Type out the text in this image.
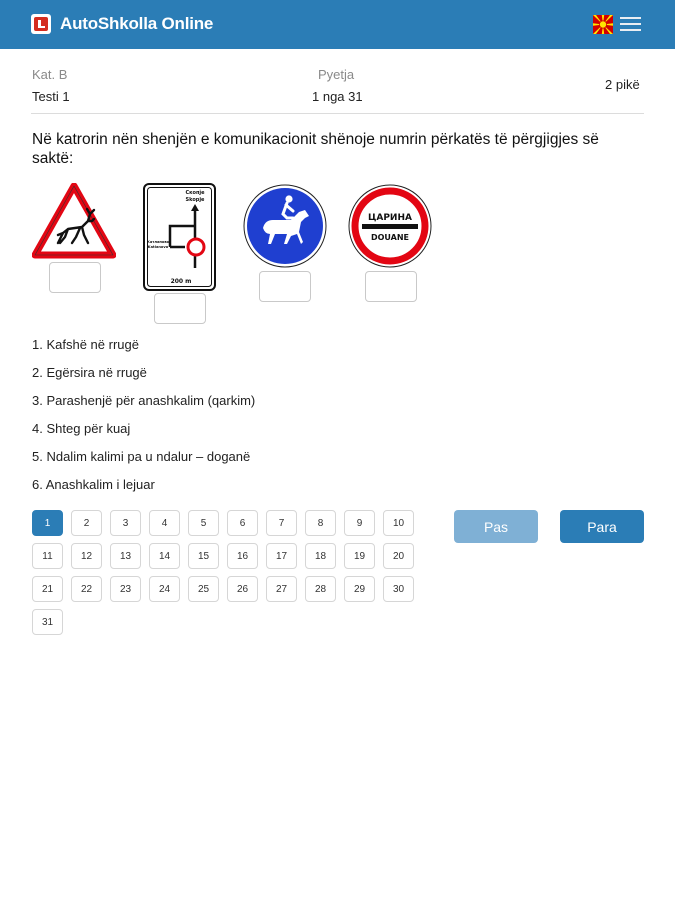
AutoShkolla Online
Kat. B
Testi 1
Pyetja
1 nga 31
2 pikë
Në katrorin nën shenjën e komunikacionit shënoje numrin përkatës të përgjigjes së saktë:
Скопје
Skopje
Катланово
Katlanovo
200 m
ЦАРИНА
DOUANE
1. Kafshë në rrugë
2. Egërsira në rrugë
3. Parashenjë për anashkalim (qarkim)
4. Shteg për kuaj
5. Ndalim kalimi pa u ndalur – doganë
6. Anashkalim i lejuar
1	2	3	4	5	6	7	8	9	10
11	12	13	14	15	16	17	18	19	20
21	22	23	24	25	26	27	28	29	30
31
Pas	Para
